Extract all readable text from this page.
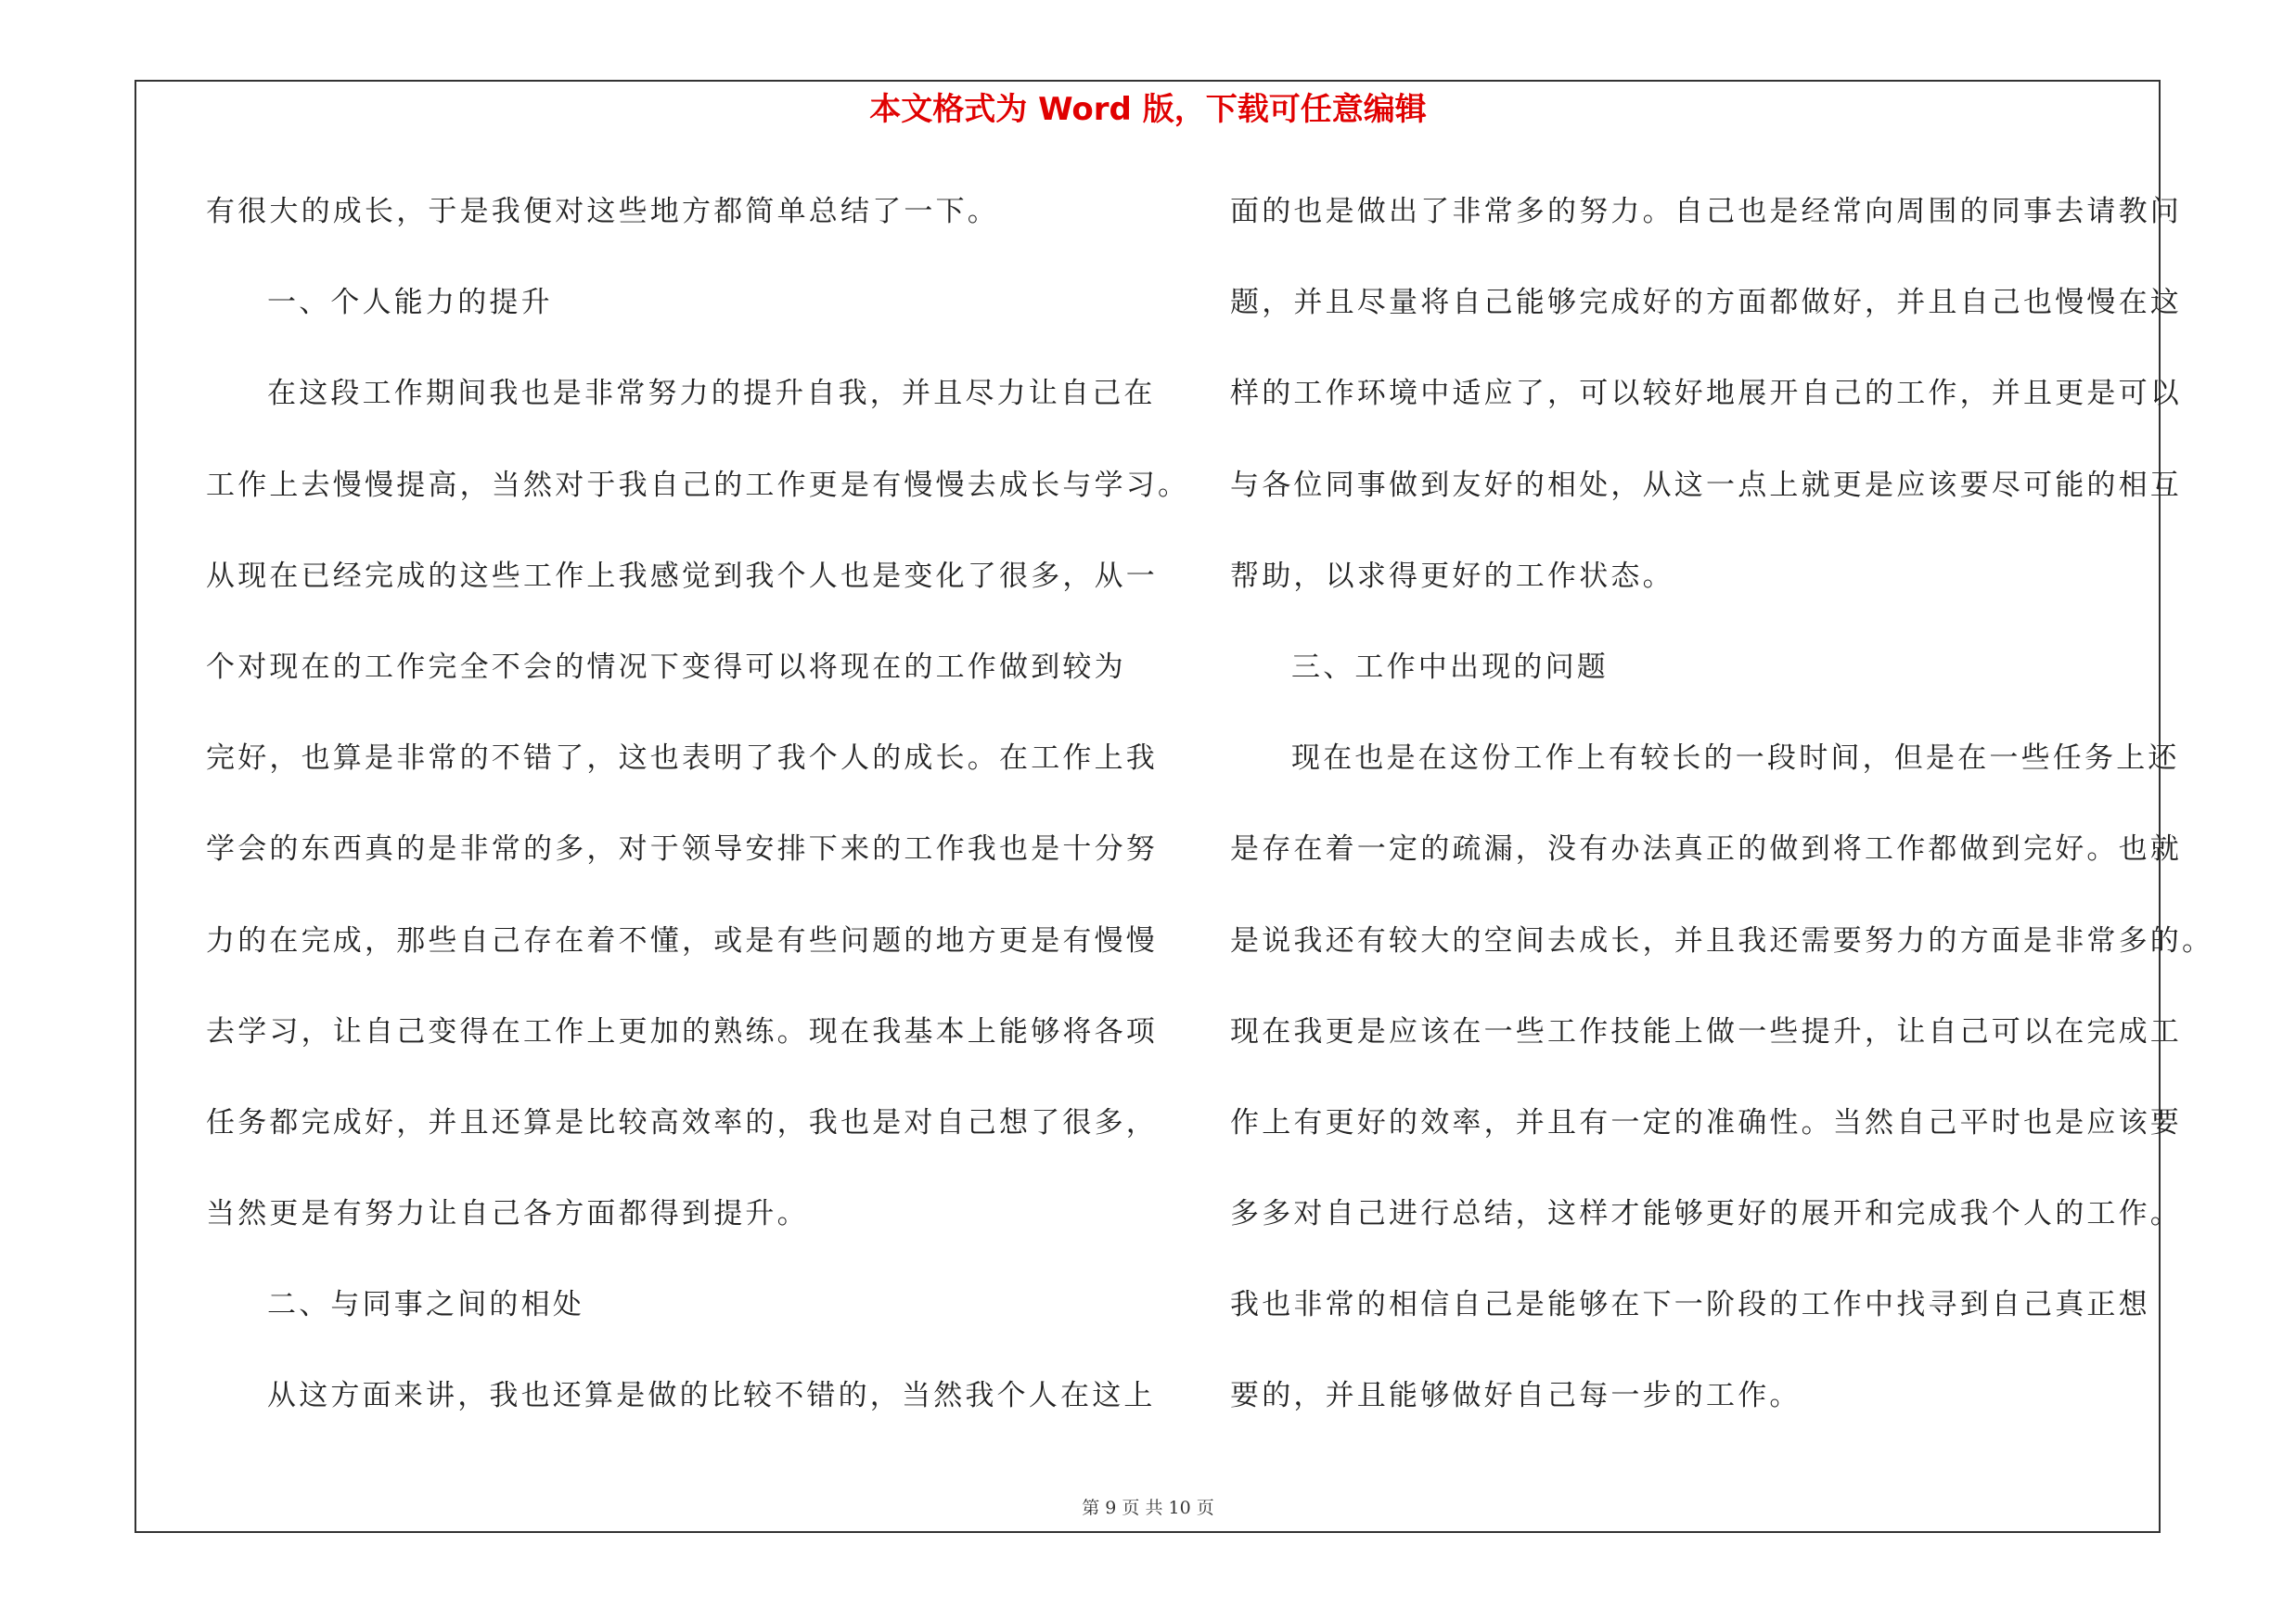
本文格式为 Word 版，下载可任意编辑
有很大的成长，于是我便对这些地方都简单总结了一下。
一、个人能力的提升
在这段工作期间我也是非常努力的提升自我，并且尽力让自己在
工作上去慢慢提高，当然对于我自己的工作更是有慢慢去成长与学习。
从现在已经完成的这些工作上我感觉到我个人也是变化了很多，从一
个对现在的工作完全不会的情况下变得可以将现在的工作做到较为
完好，也算是非常的不错了，这也表明了我个人的成长。在工作上我
学会的东西真的是非常的多，对于领导安排下来的工作我也是十分努
力的在完成，那些自己存在着不懂，或是有些问题的地方更是有慢慢
去学习，让自己变得在工作上更加的熟练。现在我基本上能够将各项
任务都完成好，并且还算是比较高效率的，我也是对自己想了很多，
当然更是有努力让自己各方面都得到提升。
二、与同事之间的相处
从这方面来讲，我也还算是做的比较不错的，当然我个人在这上
面的也是做出了非常多的努力。自己也是经常向周围的同事去请教问
题，并且尽量将自己能够完成好的方面都做好，并且自己也慢慢在这
样的工作环境中适应了，可以较好地展开自己的工作，并且更是可以
与各位同事做到友好的相处，从这一点上就更是应该要尽可能的相互
帮助，以求得更好的工作状态。
三、工作中出现的问题
现在也是在这份工作上有较长的一段时间，但是在一些任务上还
是存在着一定的疏漏，没有办法真正的做到将工作都做到完好。也就
是说我还有较大的空间去成长，并且我还需要努力的方面是非常多的。
现在我更是应该在一些工作技能上做一些提升，让自己可以在完成工
作上有更好的效率，并且有一定的准确性。当然自己平时也是应该要
多多对自己进行总结，这样才能够更好的展开和完成我个人的工作。
我也非常的相信自己是能够在下一阶段的工作中找寻到自己真正想
要的，并且能够做好自己每一步的工作。
第 9 页 共 10 页
